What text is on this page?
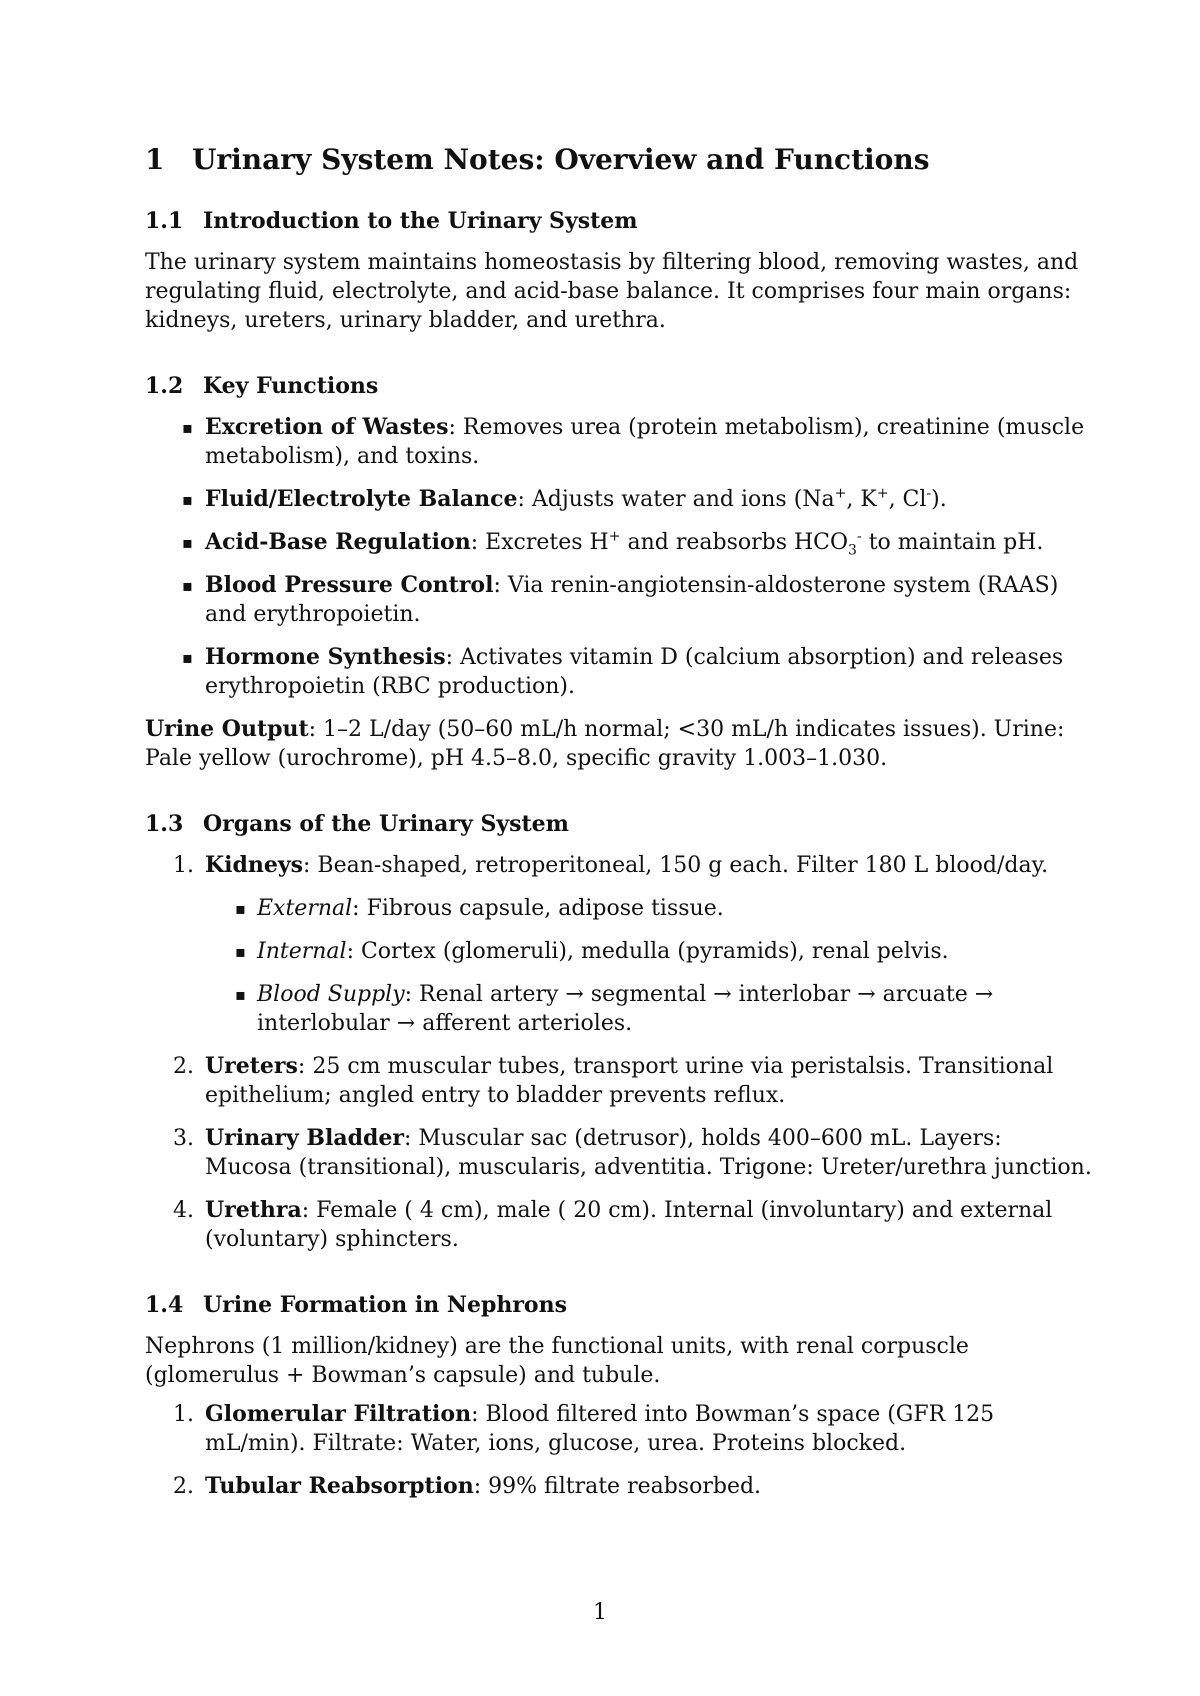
1 Urinary System Notes: Overview and Functions
1.1 Introduction to the Urinary System

The urinary system maintains homeostasis by filtering blood, removing wastes, and regulating fluid, electrolyte, and acid-base balance. It comprises four main organs: kidneys, ureters, urinary bladder, and urethra.

1.2 Key Functions
▪ Excretion of Wastes: Removes urea (protein metabolism), creatinine (muscle metabolism), and toxins.
▪ Fluid/Electrolyte Balance: Adjusts water and ions (Na+, K+, Cl-).
▪ Acid-Base Regulation: Excretes H+ and reabsorbs $HCO_3^-$ to maintain pH.
▪ Blood Pressure Control: Via renin-angiotensin-aldosterone system (RAAS) and erythropoietin.
▪ Hormone Synthesis: Activates vitamin D (calcium absorption) and releases erythropoietin (RBC production).

Urine Output: 1–2 L/day (50–60 mL/h normal; <30 mL/h indicates issues). Urine: Pale yellow (urochrome), pH 4.5–8.0, specific gravity 1.003–1.030.

1.3 Organs of the Urinary System
1. Kidneys: Bean-shaped, retroperitoneal, 150 g each. Filter 180 L blood/day.
▪ External: Fibrous capsule, adipose tissue.
▪ Internal: Cortex (glomeruli), medulla (pyramids), renal pelvis.
▪ Blood Supply: Renal artery → segmental → interlobar → arcuate → interlobular → afferent arterioles.
2. Ureters: 25 cm muscular tubes, transport urine via peristalsis. Transitional epithelium; angled entry to bladder prevents reflux.
3. Urinary Bladder: Muscular sac (detrusor), holds 400–600 mL. Layers: Mucosa (transitional), muscularis, adventitia. Trigone: Ureter/urethra junction.
4. Urethra: Female ( 4 cm), male ( 20 cm). Internal (involuntary) and external (voluntary) sphincters.
1.4 Urine Formation in Nephrons

Nephrons (1 million/kidney) are the functional units, with renal corpuscle (glomerulus + Bowman’s capsule) and tubule.

1. Glomerular Filtration: Blood filtered into Bowman’s space (GFR 125 mL/min). Filtrate: Water, ions, glucose, urea. Proteins blocked.
2. Tubular Reabsorption: 99% filtrate reabsorbed.
1
